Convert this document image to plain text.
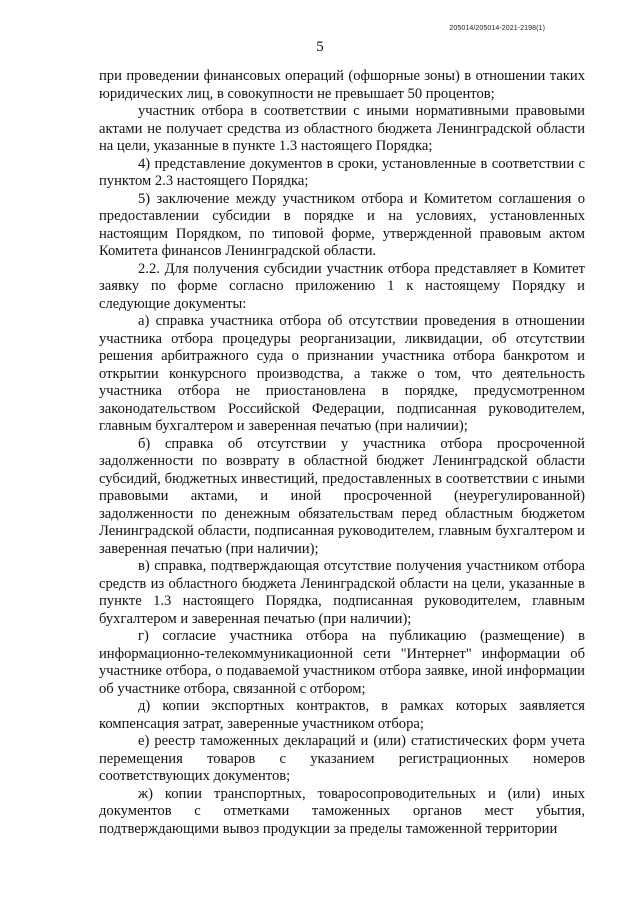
205014/205014-2021-2198(1)
5

при проведении финансовых операций (офшорные зоны) в отношении таких юридических лиц, в совокупности не превышает 50 процентов;

участник отбора в соответствии с иными нормативными правовыми актами не получает средства из областного бюджета Ленинградской области на цели, указанные в пункте 1.3 настоящего Порядка;

4) представление документов в сроки, установленные в соответствии с пунктом 2.3 настоящего Порядка;

5) заключение между участником отбора и Комитетом соглашения о предоставлении субсидии в порядке и на условиях, установленных настоящим Порядком, по типовой форме, утвержденной правовым актом Комитета финансов Ленинградской области.

2.2. Для получения субсидии участник отбора представляет в Комитет заявку по форме согласно приложению 1 к настоящему Порядку и следующие документы:

а) справка участника отбора об отсутствии проведения в отношении участника отбора процедуры реорганизации, ликвидации, об отсутствии решения арбитражного суда о признании участника отбора банкротом и открытии конкурсного производства, а также о том, что деятельность участника отбора не приостановлена в порядке, предусмотренном законодательством Российской Федерации, подписанная руководителем, главным бухгалтером и заверенная печатью (при наличии);

б) справка об отсутствии у участника отбора просроченной задолженности по возврату в областной бюджет Ленинградской области субсидий, бюджетных инвестиций, предоставленных в соответствии с иными правовыми актами, и иной просроченной (неурегулированной) задолженности по денежным обязательствам перед областным бюджетом Ленинградской области, подписанная руководителем, главным бухгалтером и заверенная печатью (при наличии);

в) справка, подтверждающая отсутствие получения участником отбора средств из областного бюджета Ленинградской области на цели, указанные в пункте 1.3 настоящего Порядка, подписанная руководителем, главным бухгалтером и заверенная печатью (при наличии);

г) согласие участника отбора на публикацию (размещение) в информационно-телекоммуникационной сети "Интернет" информации об участнике отбора, о подаваемой участником отбора заявке, иной информации об участнике отбора, связанной с отбором;

д) копии экспортных контрактов, в рамках которых заявляется компенсация затрат, заверенные участником отбора;

е) реестр таможенных деклараций и (или) статистических форм учета перемещения товаров с указанием регистрационных номеров соответствующих документов;

ж) копии транспортных, товаросопроводительных и (или) иных документов с отметками таможенных органов мест убытия, подтверждающими вывоз продукции за пределы таможенной территории
